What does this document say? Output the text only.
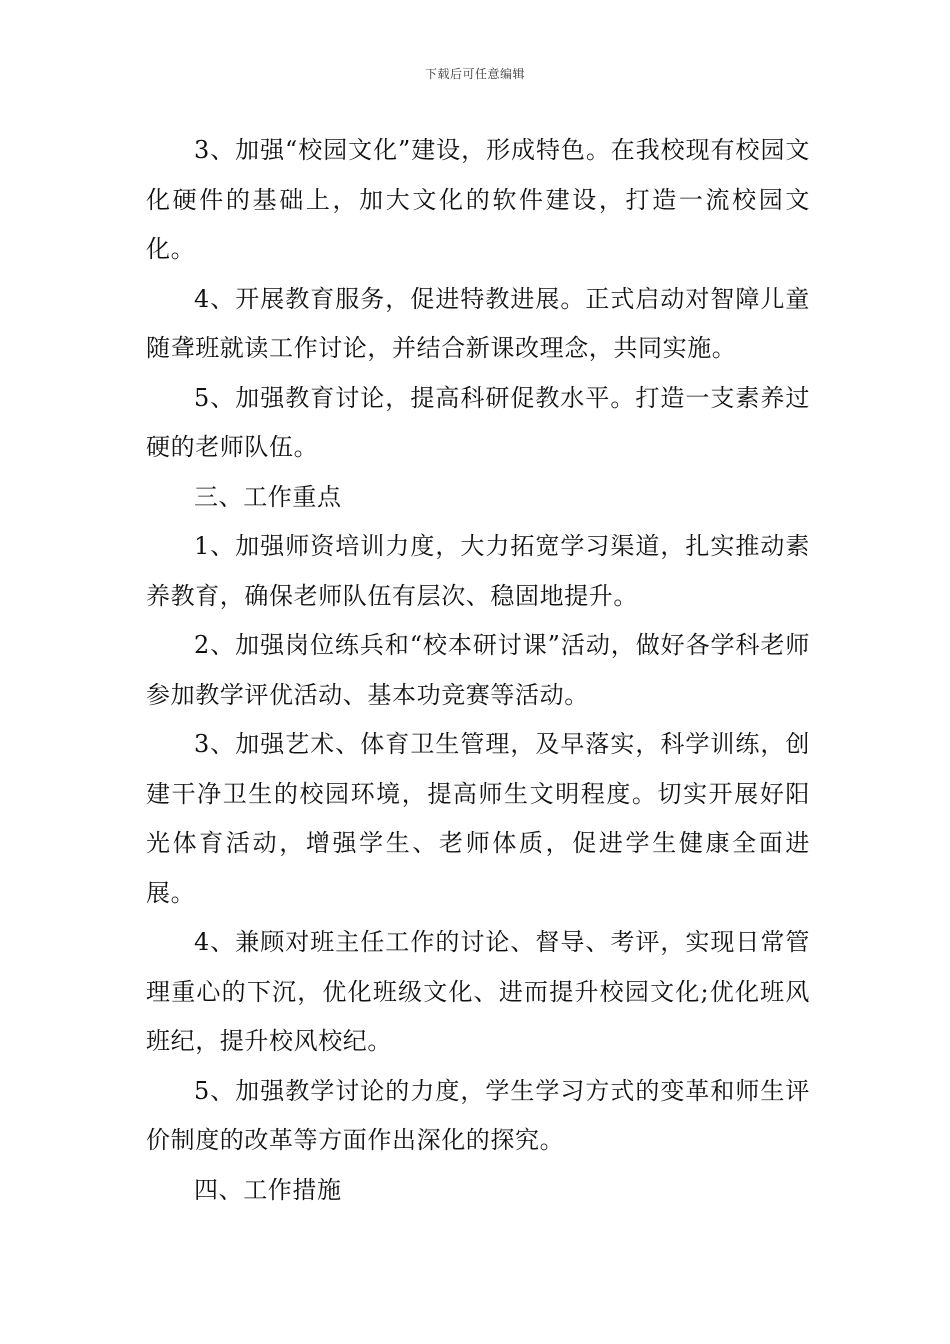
下载后可任意编辑

3、加强“校园文化”建设，形成特色。在我校现有校园文化硬件的基础上，加大文化的软件建设，打造一流校园文化。

4、开展教育服务，促进特教进展。正式启动对智障儿童随聋班就读工作讨论，并结合新课改理念，共同实施。

5、加强教育讨论，提高科研促教水平。打造一支素养过硬的老师队伍。

三、工作重点

1、加强师资培训力度，大力拓宽学习渠道，扎实推动素养教育，确保老师队伍有层次、稳固地提升。

2、加强岗位练兵和“校本研讨课”活动，做好各学科老师参加教学评优活动、基本功竞赛等活动。

3、加强艺术、体育卫生管理，及早落实，科学训练，创建干净卫生的校园环境，提高师生文明程度。切实开展好阳光体育活动，增强学生、老师体质，促进学生健康全面进展。

4、兼顾对班主任工作的讨论、督导、考评，实现日常管理重心的下沉，优化班级文化、进而提升校园文化;优化班风班纪，提升校风校纪。

5、加强教学讨论的力度，学生学习方式的变革和师生评价制度的改革等方面作出深化的探究。

四、工作措施
